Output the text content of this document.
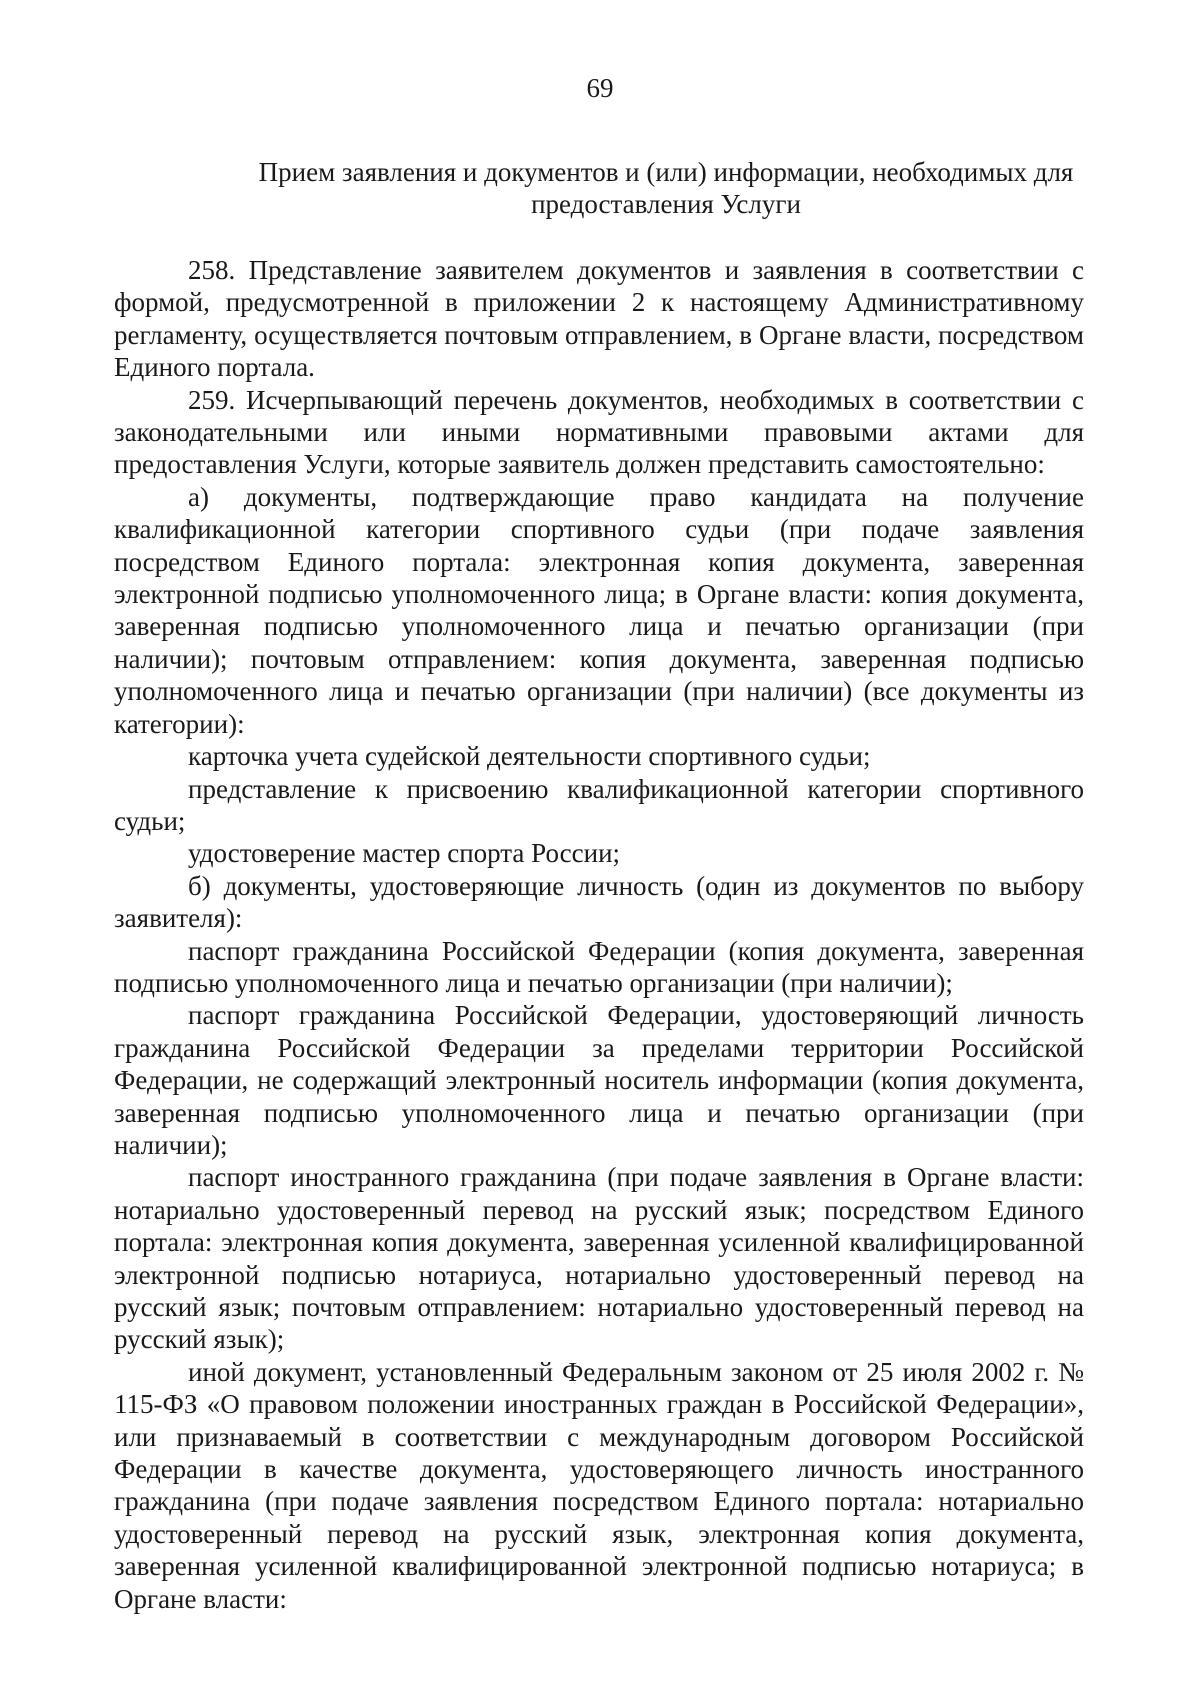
69
Прием заявления и документов и (или) информации, необходимых для предоставления Услуги

258. Представление заявителем документов и заявления в соответствии с формой, предусмотренной в приложении 2 к настоящему Административному регламенту, осуществляется почтовым отправлением, в Органе власти, посредством Единого портала.

259. Исчерпывающий перечень документов, необходимых в соответствии с законодательными или иными нормативными правовыми актами для предоставления Услуги, которые заявитель должен представить самостоятельно:

а) документы, подтверждающие право кандидата на получение квалификационной категории спортивного судьи (при подаче заявления посредством Единого портала: электронная копия документа, заверенная электронной подписью уполномоченного лица; в Органе власти: копия документа, заверенная подписью уполномоченного лица и печатью организации (при наличии); почтовым отправлением: копия документа, заверенная подписью уполномоченного лица и печатью организации (при наличии) (все документы из категории):

карточка учета судейской деятельности спортивного судьи;

представление к присвоению квалификационной категории спортивного судьи;

удостоверение мастер спорта России;

б) документы, удостоверяющие личность (один из документов по выбору заявителя):

паспорт гражданина Российской Федерации (копия документа, заверенная подписью уполномоченного лица и печатью организации (при наличии);

паспорт гражданина Российской Федерации, удостоверяющий личность гражданина Российской Федерации за пределами территории Российской Федерации, не содержащий электронный носитель информации (копия документа, заверенная подписью уполномоченного лица и печатью организации (при наличии);

паспорт иностранного гражданина (при подаче заявления в Органе власти: нотариально удостоверенный перевод на русский язык; посредством Единого портала: электронная копия документа, заверенная усиленной квалифицированной электронной подписью нотариуса, нотариально удостоверенный перевод на русский язык; почтовым отправлением: нотариально удостоверенный перевод на русский язык);

иной документ, установленный Федеральным законом от 25 июля 2002 г. № 115-ФЗ «О правовом положении иностранных граждан в Российской Федерации», или признаваемый в соответствии с международным договором Российской Федерации в качестве документа, удостоверяющего личность иностранного гражданина (при подаче заявления посредством Единого портала: нотариально удостоверенный перевод на русский язык, электронная копия документа, заверенная усиленной квалифицированной электронной подписью нотариуса; в Органе власти:
